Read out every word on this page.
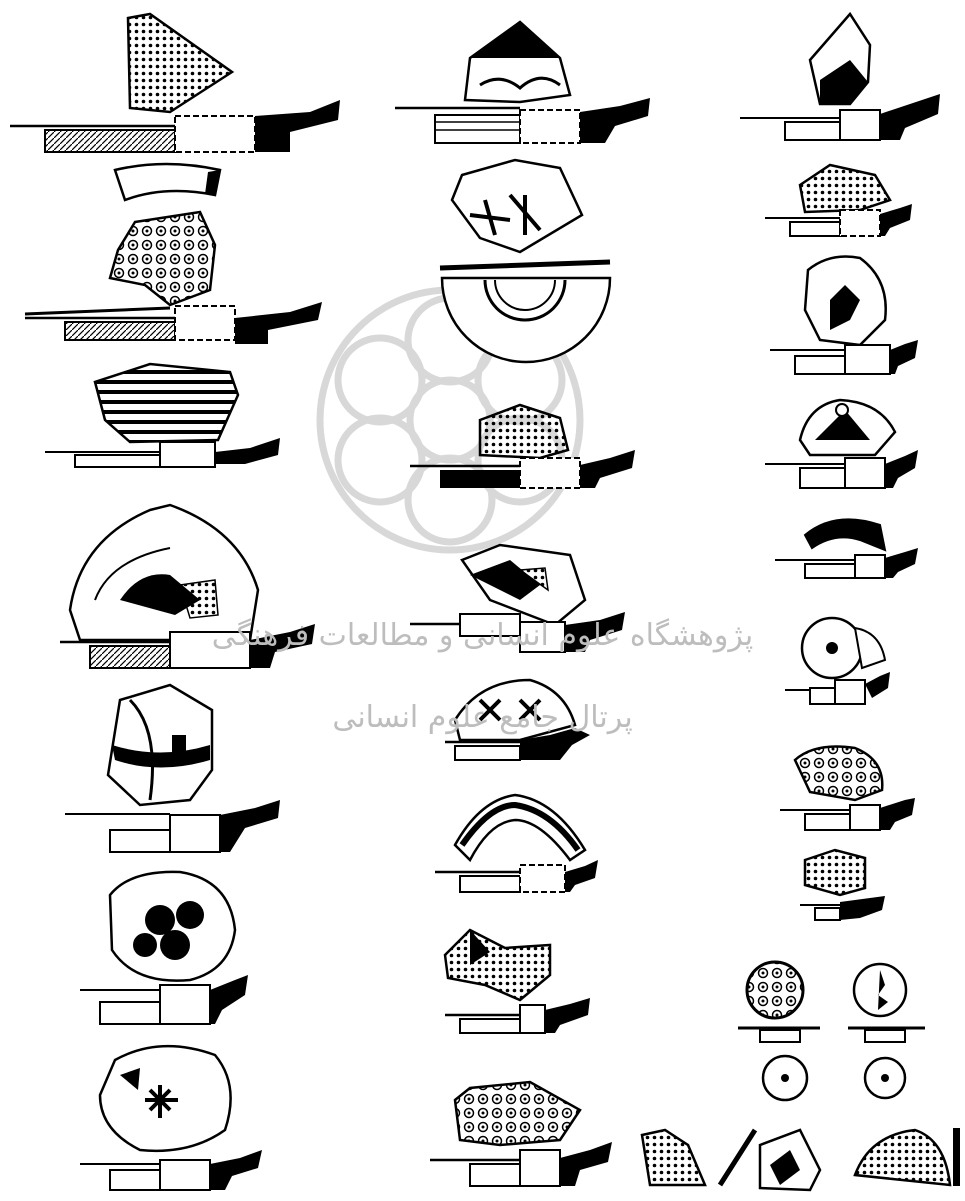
پژوهشگاه علوم انسانی و مطالعات فرهنگی
پرتال جامع علوم انسانی
